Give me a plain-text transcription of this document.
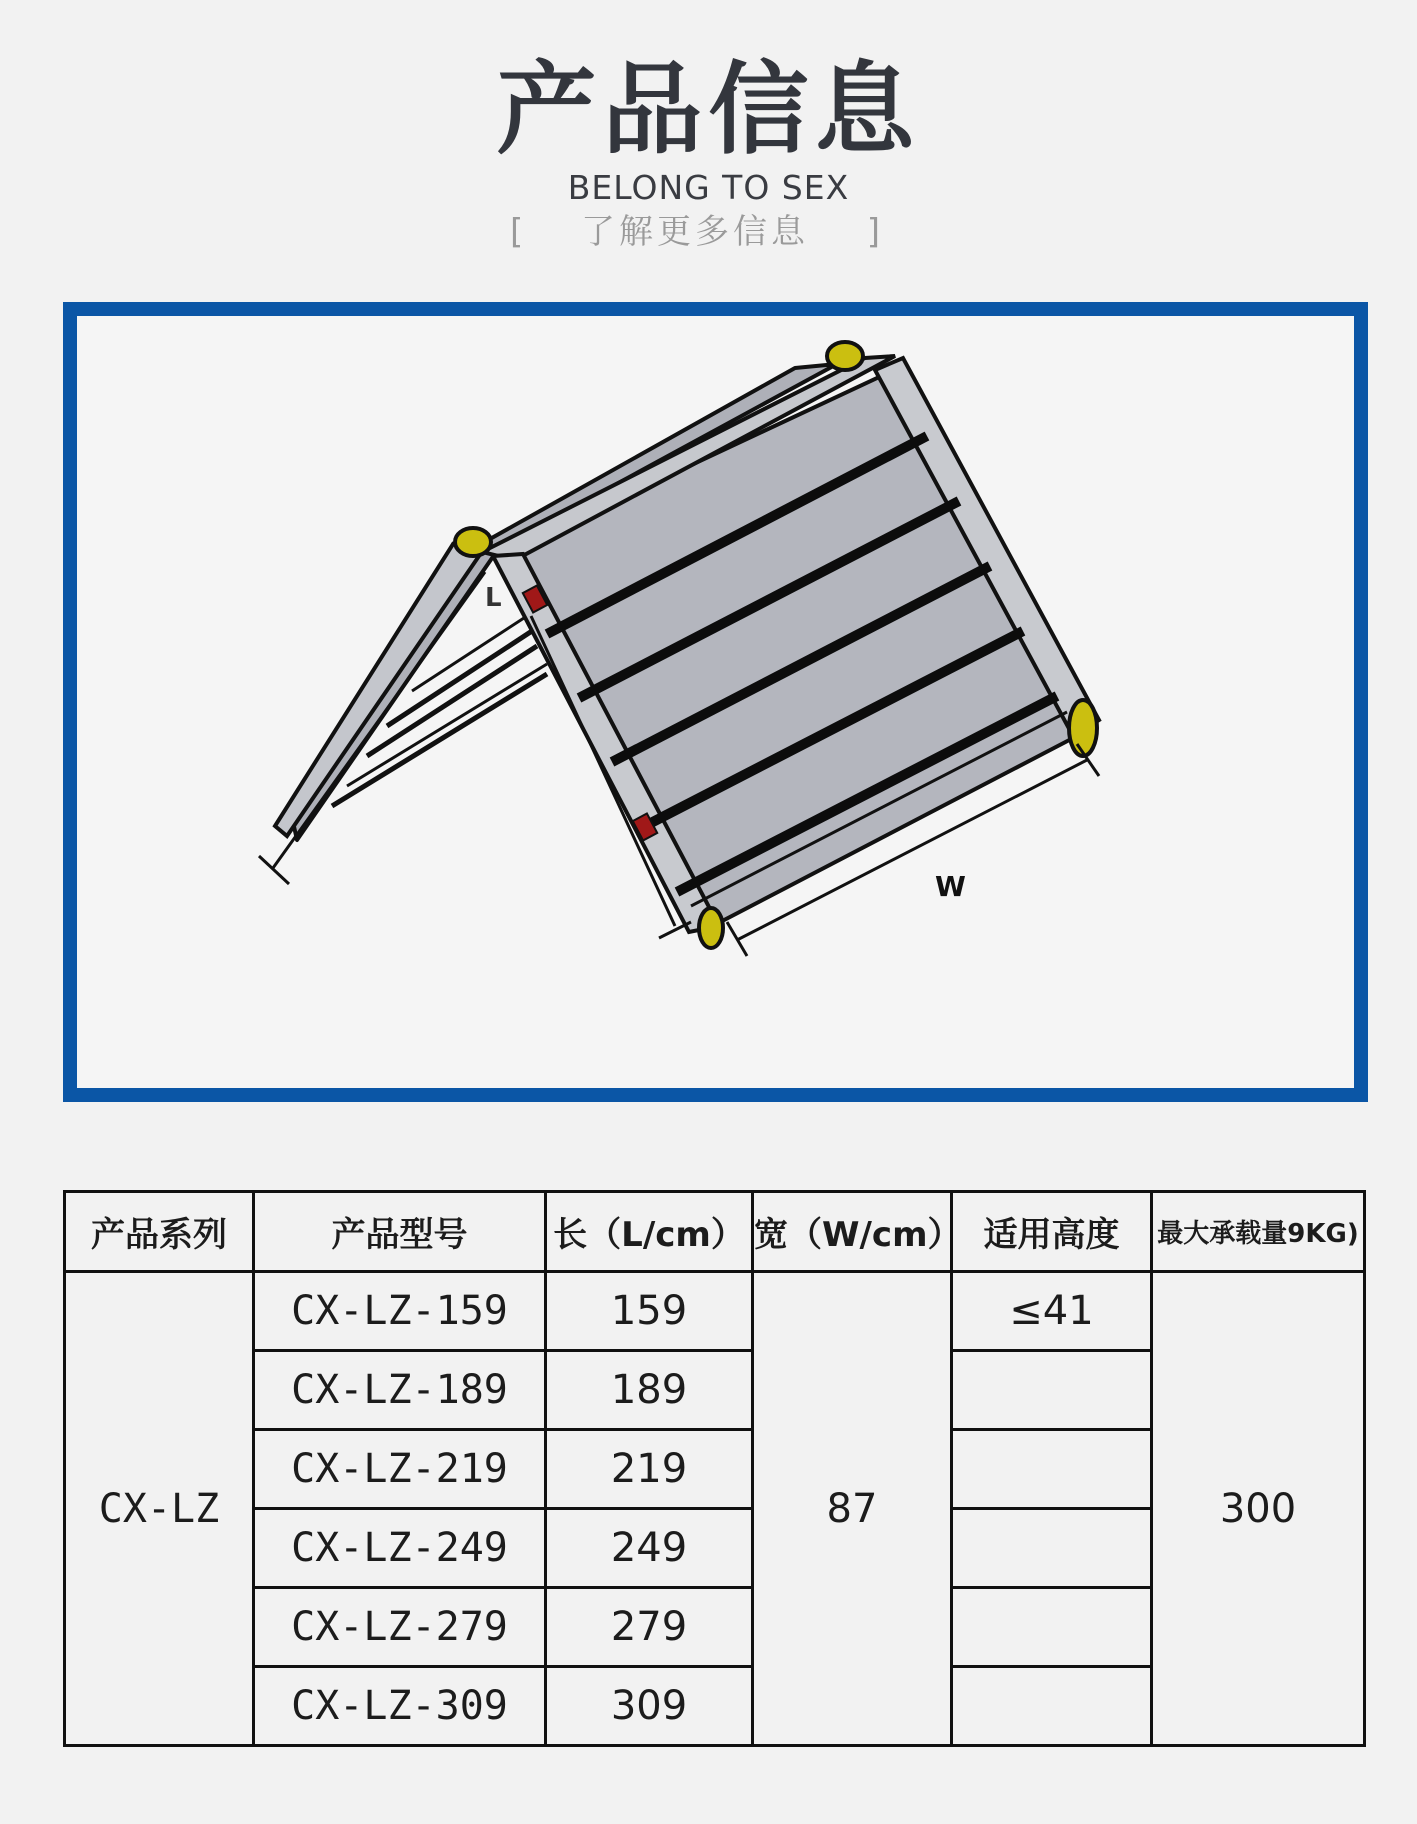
产品信息
BELONG TO SEX
[ 了解更多信息 ]
L
W
产品系列	产品型号	长（L/cm）	宽（W/cm）	适用高度	最大承载量9KG)
CX-LZ	CX-LZ-159	159	87	≤41	300
	CX-LZ-189	189			
	CX-LZ-219	219			
	CX-LZ-249	249			
	CX-LZ-279	279			
	CX-LZ-309	309			
